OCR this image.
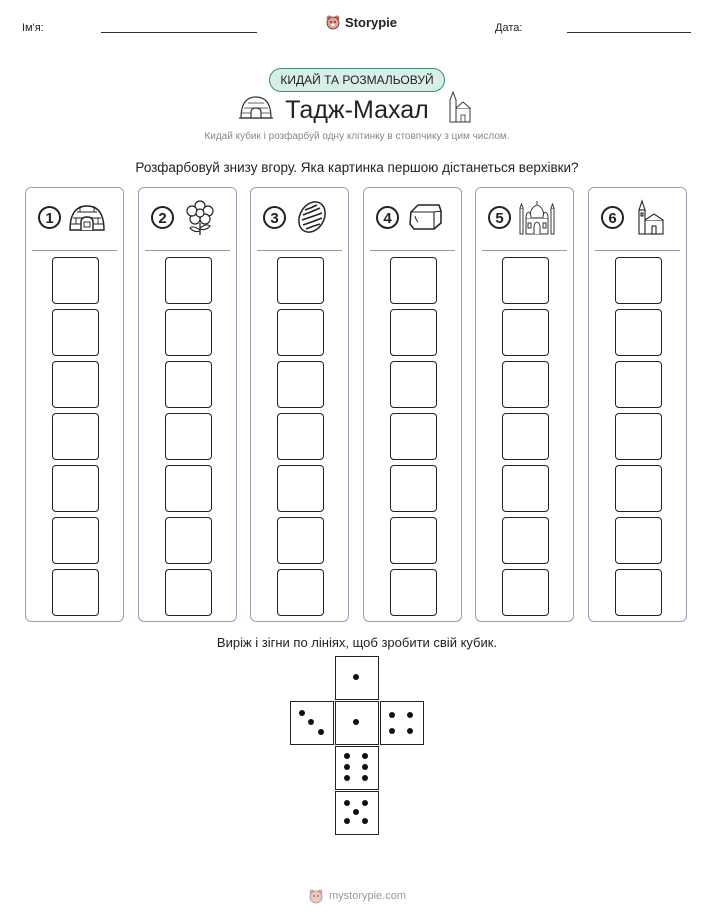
Ім'я:	Storypie	Дата:
КИДАЙ ТА РОЗМАЛЬОВУЙ
Тадж-Махал
Кидай кубик і розфарбуй одну клітинку в стовпчику з цим числом.
Розфарбовуй знизу вгору. Яка картинка першою дістанеться верхівки?
1	2	3	4	5	6
Виріж і зігни по лініях, щоб зробити свій кубик.
mystorypie.com
